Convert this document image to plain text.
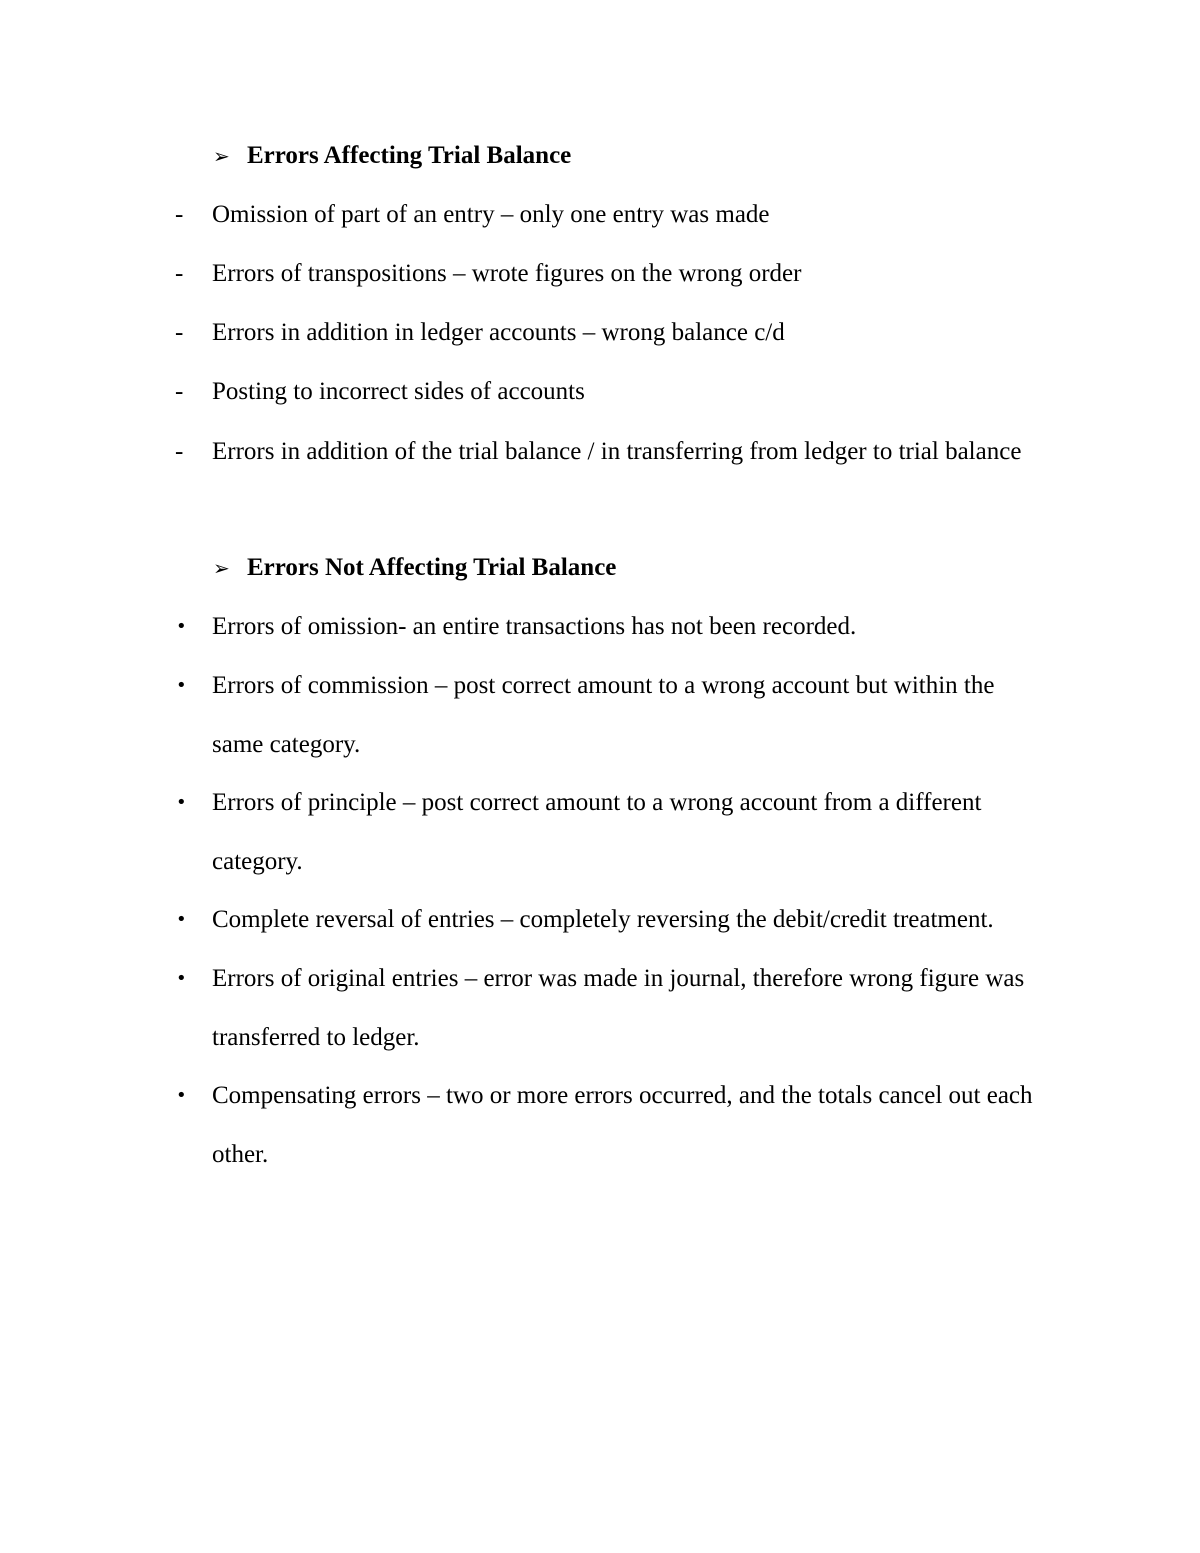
➢ Errors Affecting Trial Balance
-	Omission of part of an entry – only one entry was made
-	Errors of transpositions – wrote figures on the wrong order
-	Errors in addition in ledger accounts – wrong balance c/d
-	Posting to incorrect sides of accounts
-	Errors in addition of the trial balance / in transferring from ledger to trial balance
➢ Errors Not Affecting Trial Balance
•	Errors of omission- an entire transactions has not been recorded.
•	Errors of commission – post correct amount to a wrong account but within the
same category.
•	Errors of principle – post correct amount to a wrong account from a different
category.
•	Complete reversal of entries – completely reversing the debit/credit treatment.
•	Errors of original entries – error was made in journal, therefore wrong figure was
transferred to ledger.
•	Compensating errors – two or more errors occurred, and the totals cancel out each
other.
